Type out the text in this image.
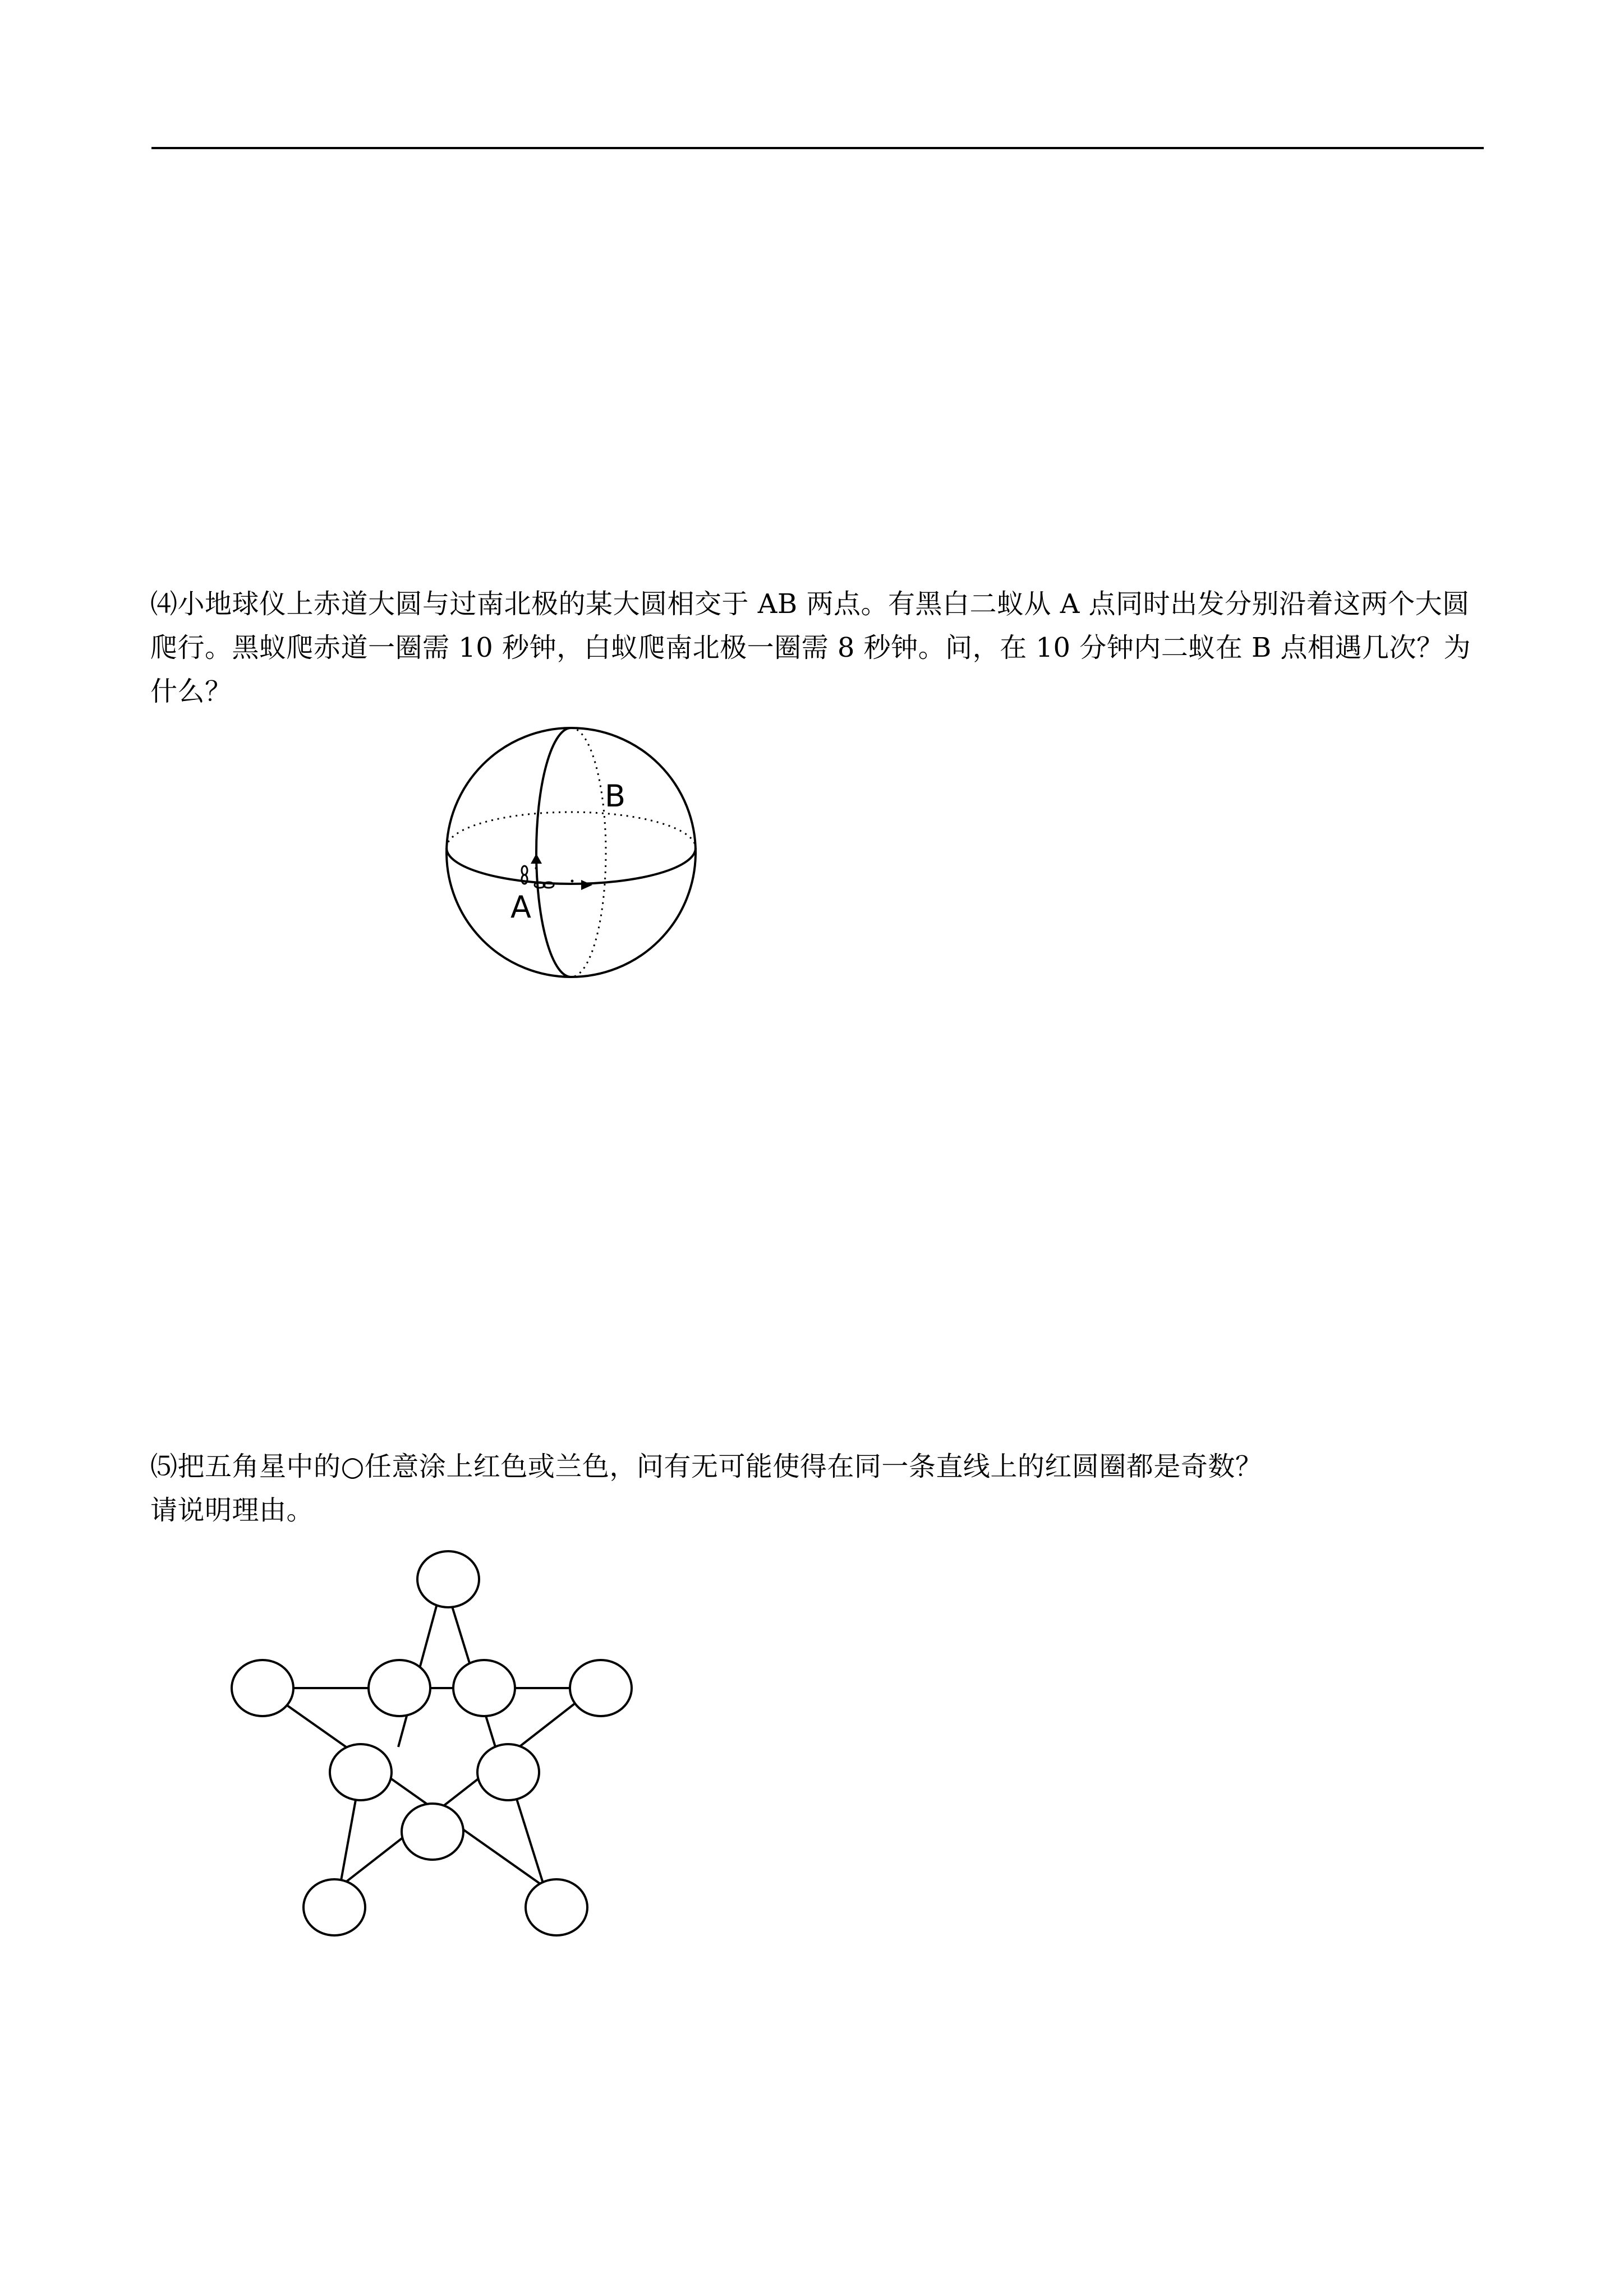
⑷小地球仪上赤道大圆与过南北极的某大圆相交于 AB 两点。有黑白二蚁从 A 点同时出发分别沿着这两个大圆爬行。黑蚁爬赤道一圈需 10 秒钟，白蚁爬南北极一圈需 8 秒钟。问，在 10 分钟内二蚁在 B 点相遇几次？为什么？
B
A
⑸把五角星中的○任意涂上红色或兰色，问有无可能使得在同一条直线上的红圆圈都是奇数？
请说明理由。
